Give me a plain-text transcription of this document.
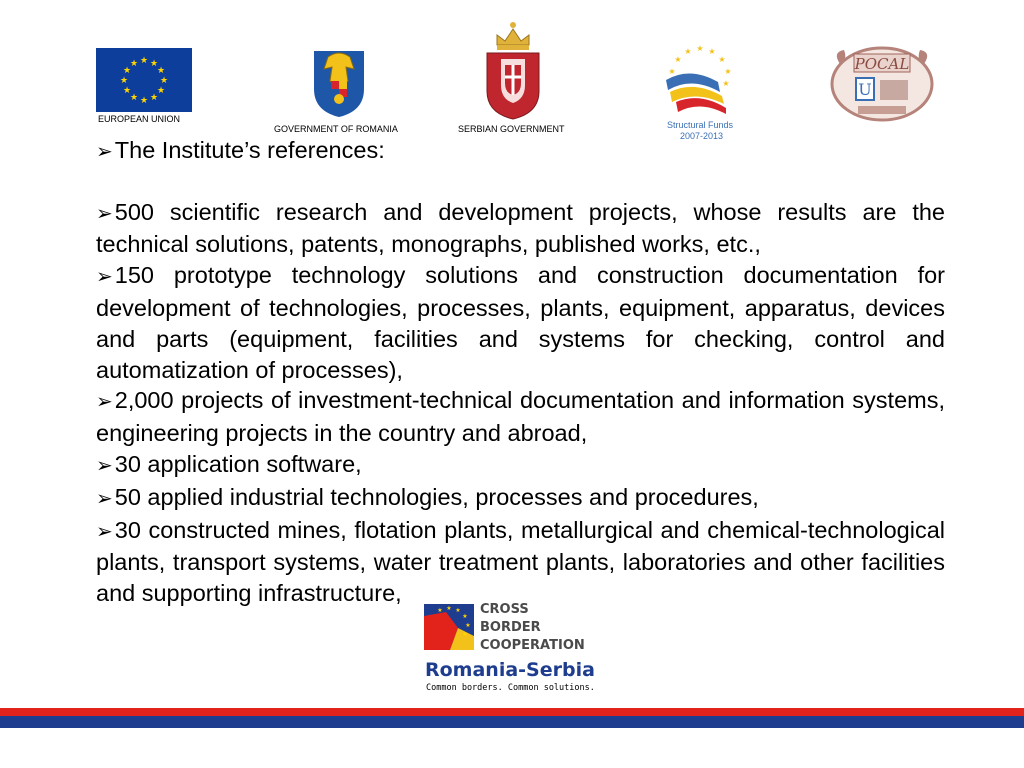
★ ★
★
★
★
★
★
★
★
★
★
★
EUROPEAN UNION
GOVERNMENT OF ROMANIA	SERBIAN GOVERNMENT
★ ★
★
★
★
★
★
★
Structural Funds
2007-2013
POCAL
U
➢The Institute’s references:

➢500 scientific research and development projects, whose results are the technical solutions, patents, monographs, published works, etc.,

➢150 prototype technology solutions and construction documentation for development of technologies, processes, plants, equipment, apparatus, devices and parts (equipment, facilities and systems for checking, control and automatization of processes),

➢2,000 projects of investment-technical documentation and information systems, engineering projects in the country and abroad,

➢30 application software,

➢50 applied industrial technologies, processes and procedures,

➢30 constructed mines, flotation plants, metallurgical and chemical-technological plants, transport systems, water treatment plants, laboratories and other facilities and supporting infrastructure,

★ ★
★
★
★
★	CROSS
BORDER
COOPERATION
Romania-Serbia
Common borders. Common solutions.
